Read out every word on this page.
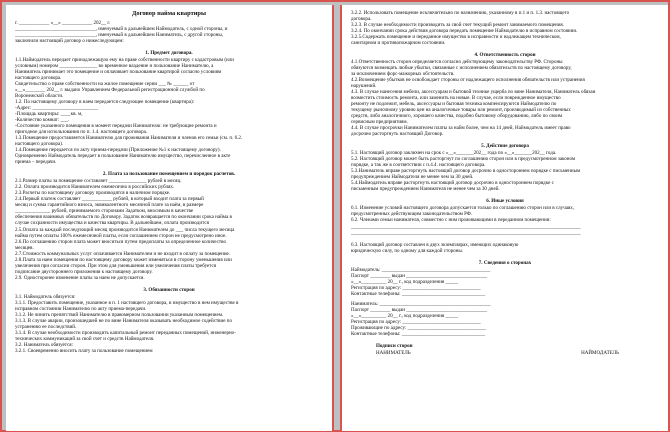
Договор найма квартиры
г. ____________ «__» ____________ 202__ г.
________________________________, именуемый в дальнейшем Наймодатель, с одной стороны, и
________________________________, именуемый в дальнейшем Наниматель, с другой стороны,
заключили настоящий договор о нижеследующем:
1. Предмет договора.
1.1.Наймодатель передает принадлежащую ему на праве собственности квартиру с кадастровым (или
условным) номером _______________ во временное владение и пользование Нанимателю, а
Наниматель принимает это помещение и оплачивает пользование квартирой согласно условиям
настоящего договора.
Свидетельство о праве собственности на жилое помещение серии ___ № ______ от
«__»________ 202__ г. выдано Управлением Федеральной регистрационной службой по
Воронежской области.
1.2. По настоящему договору в наем передается следующее помещение (квартира):
-Адрес: __________________________
-Площадь квартиры: ____кв. м,
-Количество комнат: ___.
-Состояние указанного помещения в момент передачи Нанимателю: не требующие ремонта и
пригодное для использования по п. 1.4. настоящего договора.
1.3.Помещение предоставляется Нанимателю для проживания Нанимателя и членов его семьи (см. п. 6.2.
настоящего договора).
1.4.Помещение передается по акту приема-передачи (Приложение №1 к настоящему договору).
Одновременно Наймодатель передает в пользование Нанимателю имущество, перечисленное в акте
приема – передачи.
2. Плата за пользование помещением и порядок расчетов.
2.1.Размер платы за помещение составляет _______________ рублей в месяц.
2.2. Оплата производится Нанимателем ежемесячно в российских рублях.
2.3.Расчеты по настоящему договору производятся в наличном порядке.
2.4.Первый платеж составляет ____________ рублей, в который входит плата за первый
месяц и сумма гарантийного взноса, эквивалентного месячной плате за наём, в размере
______________ рублей, принимаемого сторонами Задатком, вносимым в качестве
обеспечения взаимных обязательств по Договору. Задаток возвращается по окончании срока найма в
случае сохранности имущества и качества квартиры. В дальнейшем, оплата производится
2.5.Оплата за каждый последующий месяц производится Нанимателем до ___ числа текущего месяца
найма путем оплаты 100% ежемесячной платы, если соглашением сторон не предусмотрено иное.
2.6.По соглашению сторон плата может вноситься путем предоплаты за определенное количество
месяцев.
2.7.Стоимость коммунальных услуг оплачивается Нанимателем и не входит в оплату за помещение.
2.8.Плата за наем помещения по настоящему договору может изменяться в сторону уменьшения или
увеличения при согласии сторон. При этом для уменьшения или увеличения платы требуется
подписание двустороннего приложения к настоящему договору.
2.9. Односторонее изменение платы за наем не допускается.
3. Обязанности сторон
3.1. Наймодатель обязуется:
3.1.1. Предоставить помещение, указанное в п. 1 настоящего договора, и имущество в нем имуществе в
исправном состоянии Нанимателю по акту приема-передачи.
3.1.2. Не чинить препятствий Нанимателю в правомерном пользовании указанным помещением.
3.1.3. В случае аварии, произошедшей не по вине Нанимателя оказывать необходимое содействие по
устранению ее последствий.
3.1.4. В случае необходимости производить капитальный ремонт переданных помещений, инженерно-
технических коммуникаций за свой счет и средств Наймодателя.
3.2. Наниматель обязуется:
3.2.1. Своевременно вносить плату за пользование помещением
3.2.2. Использовать помещение исключительно по назначению, указанному в п.1 и п. 1.3. настоящего
договора.
3.2.3. В случае необходимости производить за свой счет текущий ремонт занимаемого помещения.
3.2.4. По окончании срока действия договора передать помещение Наймодателю в исправном состоянии.
3.2.5.Содержать помещение и переданное имущество в исправности и надлежащем техническом,
санитарном и противопожарном состоянии.
4. Ответственность сторон
4.1.Ответственность сторон определяется согласно действующему законодательству РФ. Стороны
обязуются возмещать любые убытки, связанные с исполнением обязательств по настоящему договору,
за исключением форс-мажорных обстоятельств.
4.2.Возмещение убытков не освобождает стороны от надлежащего исполнения обязательств или устранения
нарушений.
4.3. В случае нанесения мебели, аксессуарам и бытовой технике ущерба по вине Нанимателя, Наниматель обязан
возместить стоимость ремонта, или заменить на новые. В случае, если поврежденное имущество
ремонту не подлежит, мебель, аксессуары и бытовая техника компенсируются Наймодателю по
текущему рыночному уровню цен на аналогичные товары или ремонт, производимый из собственных
средств, либо аналогичного, хорошего качества, подобно бытовому оборудованию, либо по своим
сервисным предприятиям.
4.4. В случае просрочки Нанимателем платы за найм более, чем на 14 дней, Наймодатель имеет право
досрочно расторгнуть настоящий Договор.
5. Действие договора
5.1. Настоящий договор заключен на срок с «__»_______202__ года по «__»_______202__ года.
5.2. Настоящий договор может быть расторгнут по соглашению сторон или в предусмотренном законом
порядке, а так же в соответствии с п.4.4. настоящего договора.
5.3.Наниматель вправе расторгнуть настоящий договор досрочно в одностороннем порядке с письменным
предупреждением Наймодателя не менее чем за 30 дней.
5.4.Наймодатель вправе расторгнуть настоящий договор досрочно в одностороннем порядке с
письменным предупреждением Нанимателя не менее чем за 30 дней.
6. Иные условия
6.1. Изменение условий настоящего договора допускается только по соглашению сторон или в случаях,
предусмотренных действующим законодательством РФ.
6.2. Членами семьи нанимателя, совместно с ним проживающими в переданном помещении:
___________________________________________________________________________________________
___________________________________________________________________________________________

6.3. Настоящий договор составлен в двух экземплярах, имеющих одинаковую
юридическую силу, по одному для каждой стороны.
7. Сведения о сторонах
Наймодатель: ___________________________________________
Паспорт ________ выдан ________________________________
«__»__________ 20__ г., код подразделения _____
Регистрация по адресу: _______________________________
Контактные телефоны: _________________________________
Наниматель: ____________________________________________
Паспорт ________ выдан ________________________________
«__»__________ 20__ г., код подразделения _____
Регистрация по адресу: _______________________________
Проживающие по адресу: _______________________________
Контактные телефоны: _________________________________
Подписи сторон
НАНИМАТЕЛЬ	НАЙМОДАТЕЛЬ
